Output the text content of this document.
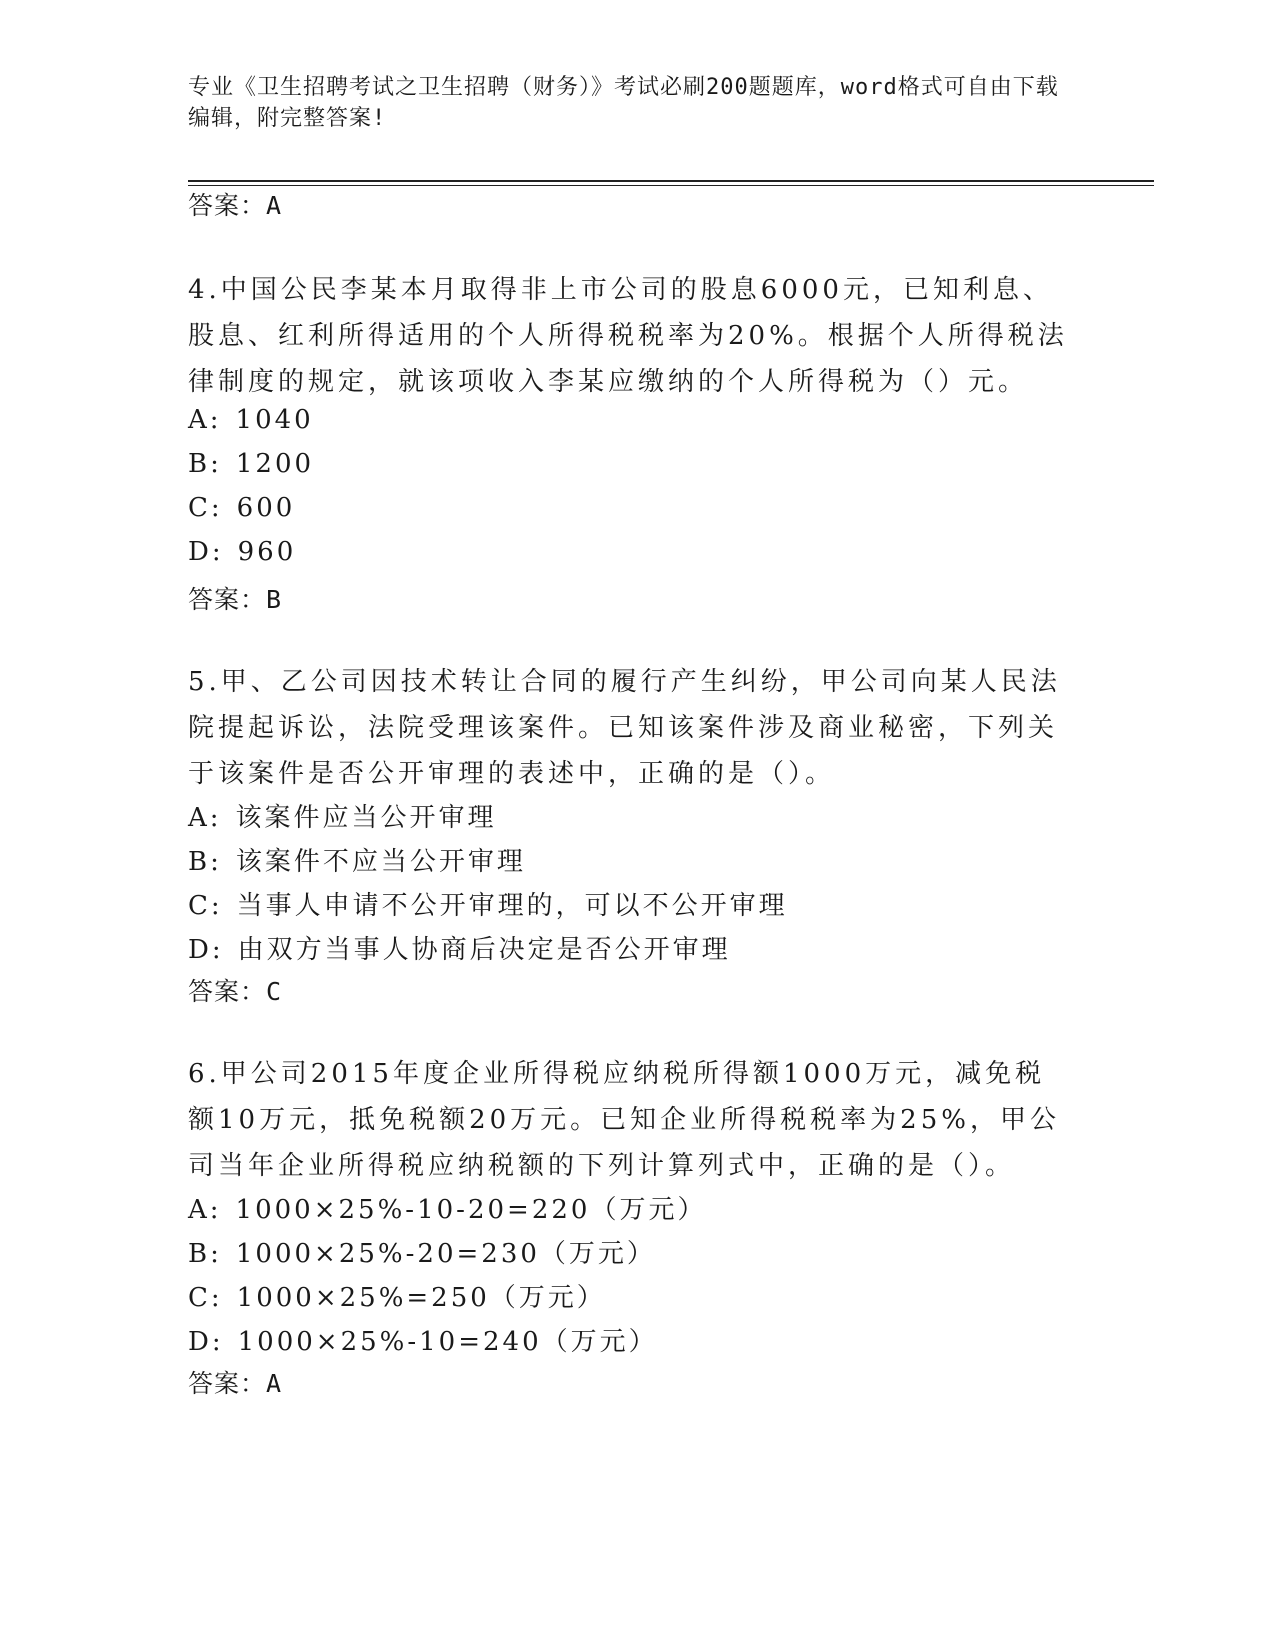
专业《卫生招聘考试之卫生招聘（财务）》考试必刷200题题库，word格式可自由下载编辑，附完整答案!
答案：A
4.中国公民李某本月取得非上市公司的股息6000元，已知利息、股息、红利所得适用的个人所得税税率为20%。根据个人所得税法律制度的规定，就该项收入李某应缴纳的个人所得税为（）元。
A: 1040
B: 1200
C: 600
D: 960
答案：B
5.甲、乙公司因技术转让合同的履行产生纠纷，甲公司向某人民法院提起诉讼，法院受理该案件。已知该案件涉及商业秘密，下列关于该案件是否公开审理的表述中，正确的是（）。
A: 该案件应当公开审理
B: 该案件不应当公开审理
C: 当事人申请不公开审理的，可以不公开审理
D: 由双方当事人协商后决定是否公开审理
答案：C
6.甲公司2015年度企业所得税应纳税所得额1000万元，减免税额10万元，抵免税额20万元。已知企业所得税税率为25%，甲公司当年企业所得税应纳税额的下列计算列式中，正确的是（）。
A: 1000×25%-10-20=220（万元）
B: 1000×25%-20=230（万元）
C: 1000×25%=250（万元）
D: 1000×25%-10=240（万元）
答案：A
